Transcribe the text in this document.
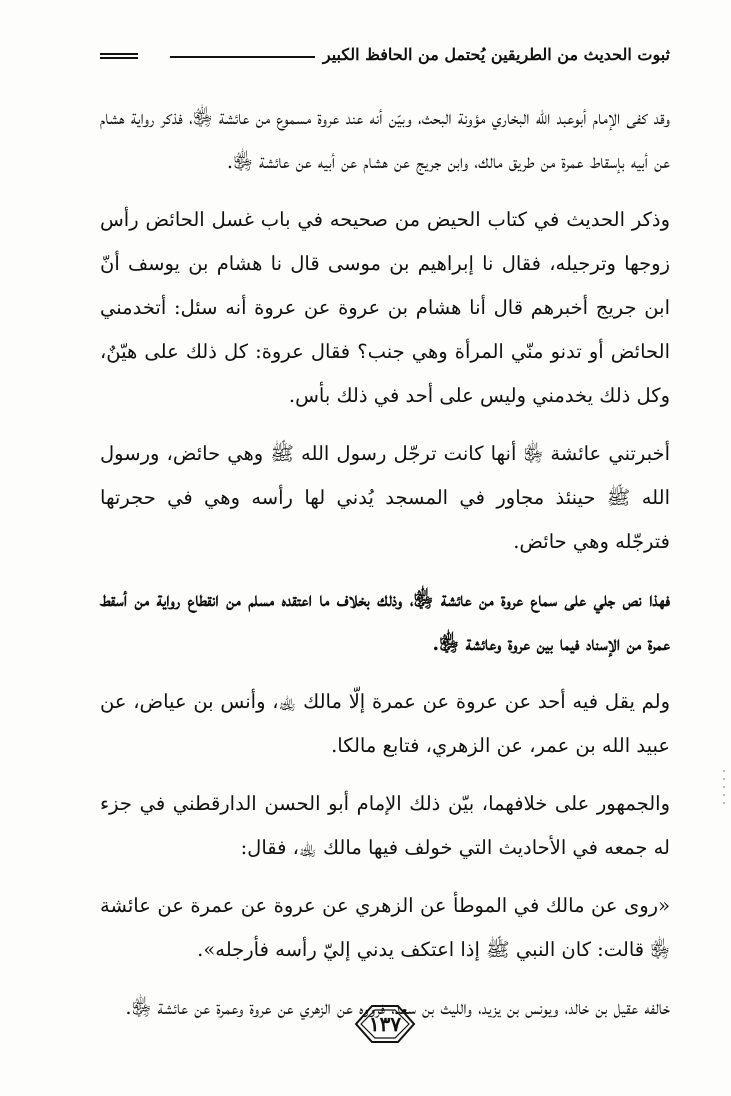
ثبوت الحديث من الطريقين يُحتمل من الحافظ الكبير

وقد كفى الإمام أبوعبد الله البخاري مؤونة البحث، وبيّن أنه عند عروة مسموع من عائشة ﵂، فذكر رواية هشام عن أبيه بإسقاط عمرة من طريق مالك، وابن جريج عن هشام عن أبيه عن عائشة ﵂.

وذكر الحديث في كتاب الحيض من صحيحه في باب غسل الحائض رأس زوجها وترجيله، فقال نا إبراهيم بن موسى قال نا هشام بن يوسف أنّ ابن جريج أخبرهم قال أنا هشام بن عروة عن عروة أنه سئل: أتخدمني الحائض أو تدنو منّي المرأة وهي جنب؟ فقال عروة: كل ذلك على هيّنٌ، وكل ذلك يخدمني وليس على أحد في ذلك بأس.

أخبرتني عائشة ﵂ أنها كانت ترجّل رسول الله ﷺ وهي حائض، ورسول الله ﷺ حينئذ مجاور في المسجد يُدني لها رأسه وهي في حجرتها فترجّله وهي حائض.

فهذا نص جلي على سماع عروة من عائشة ﵂، وذلك بخلاف ما اعتقده مسلم من انقطاع رواية من أسقط عمرة من الإسناد فيما بين عروة وعائشة ﵂.

ولم يقل فيه أحد عن عروة عن عمرة إلّا مالك ﵀، وأنس بن عياض، عن عبيد الله بن عمر، عن الزهري، فتابع مالكا.

والجمهور على خلافهما، بيّن ذلك الإمام أبو الحسن الدارقطني في جزء له جمعه في الأحاديث التي خولف فيها مالك ﵀، فقال:

«روى عن مالك في الموطأ عن الزهري عن عروة عن عمرة عن عائشة ﵂ قالت: كان النبي ﷺ إذا اعتكف يدني إليّ رأسه فأرجله».

خالفه عقيل بن خالد، ويونس بن يزيد، والليث بن سعد، فرووه عن الزهري عن عروة وعمرة عن عائشة ﵂.

١٣٧
